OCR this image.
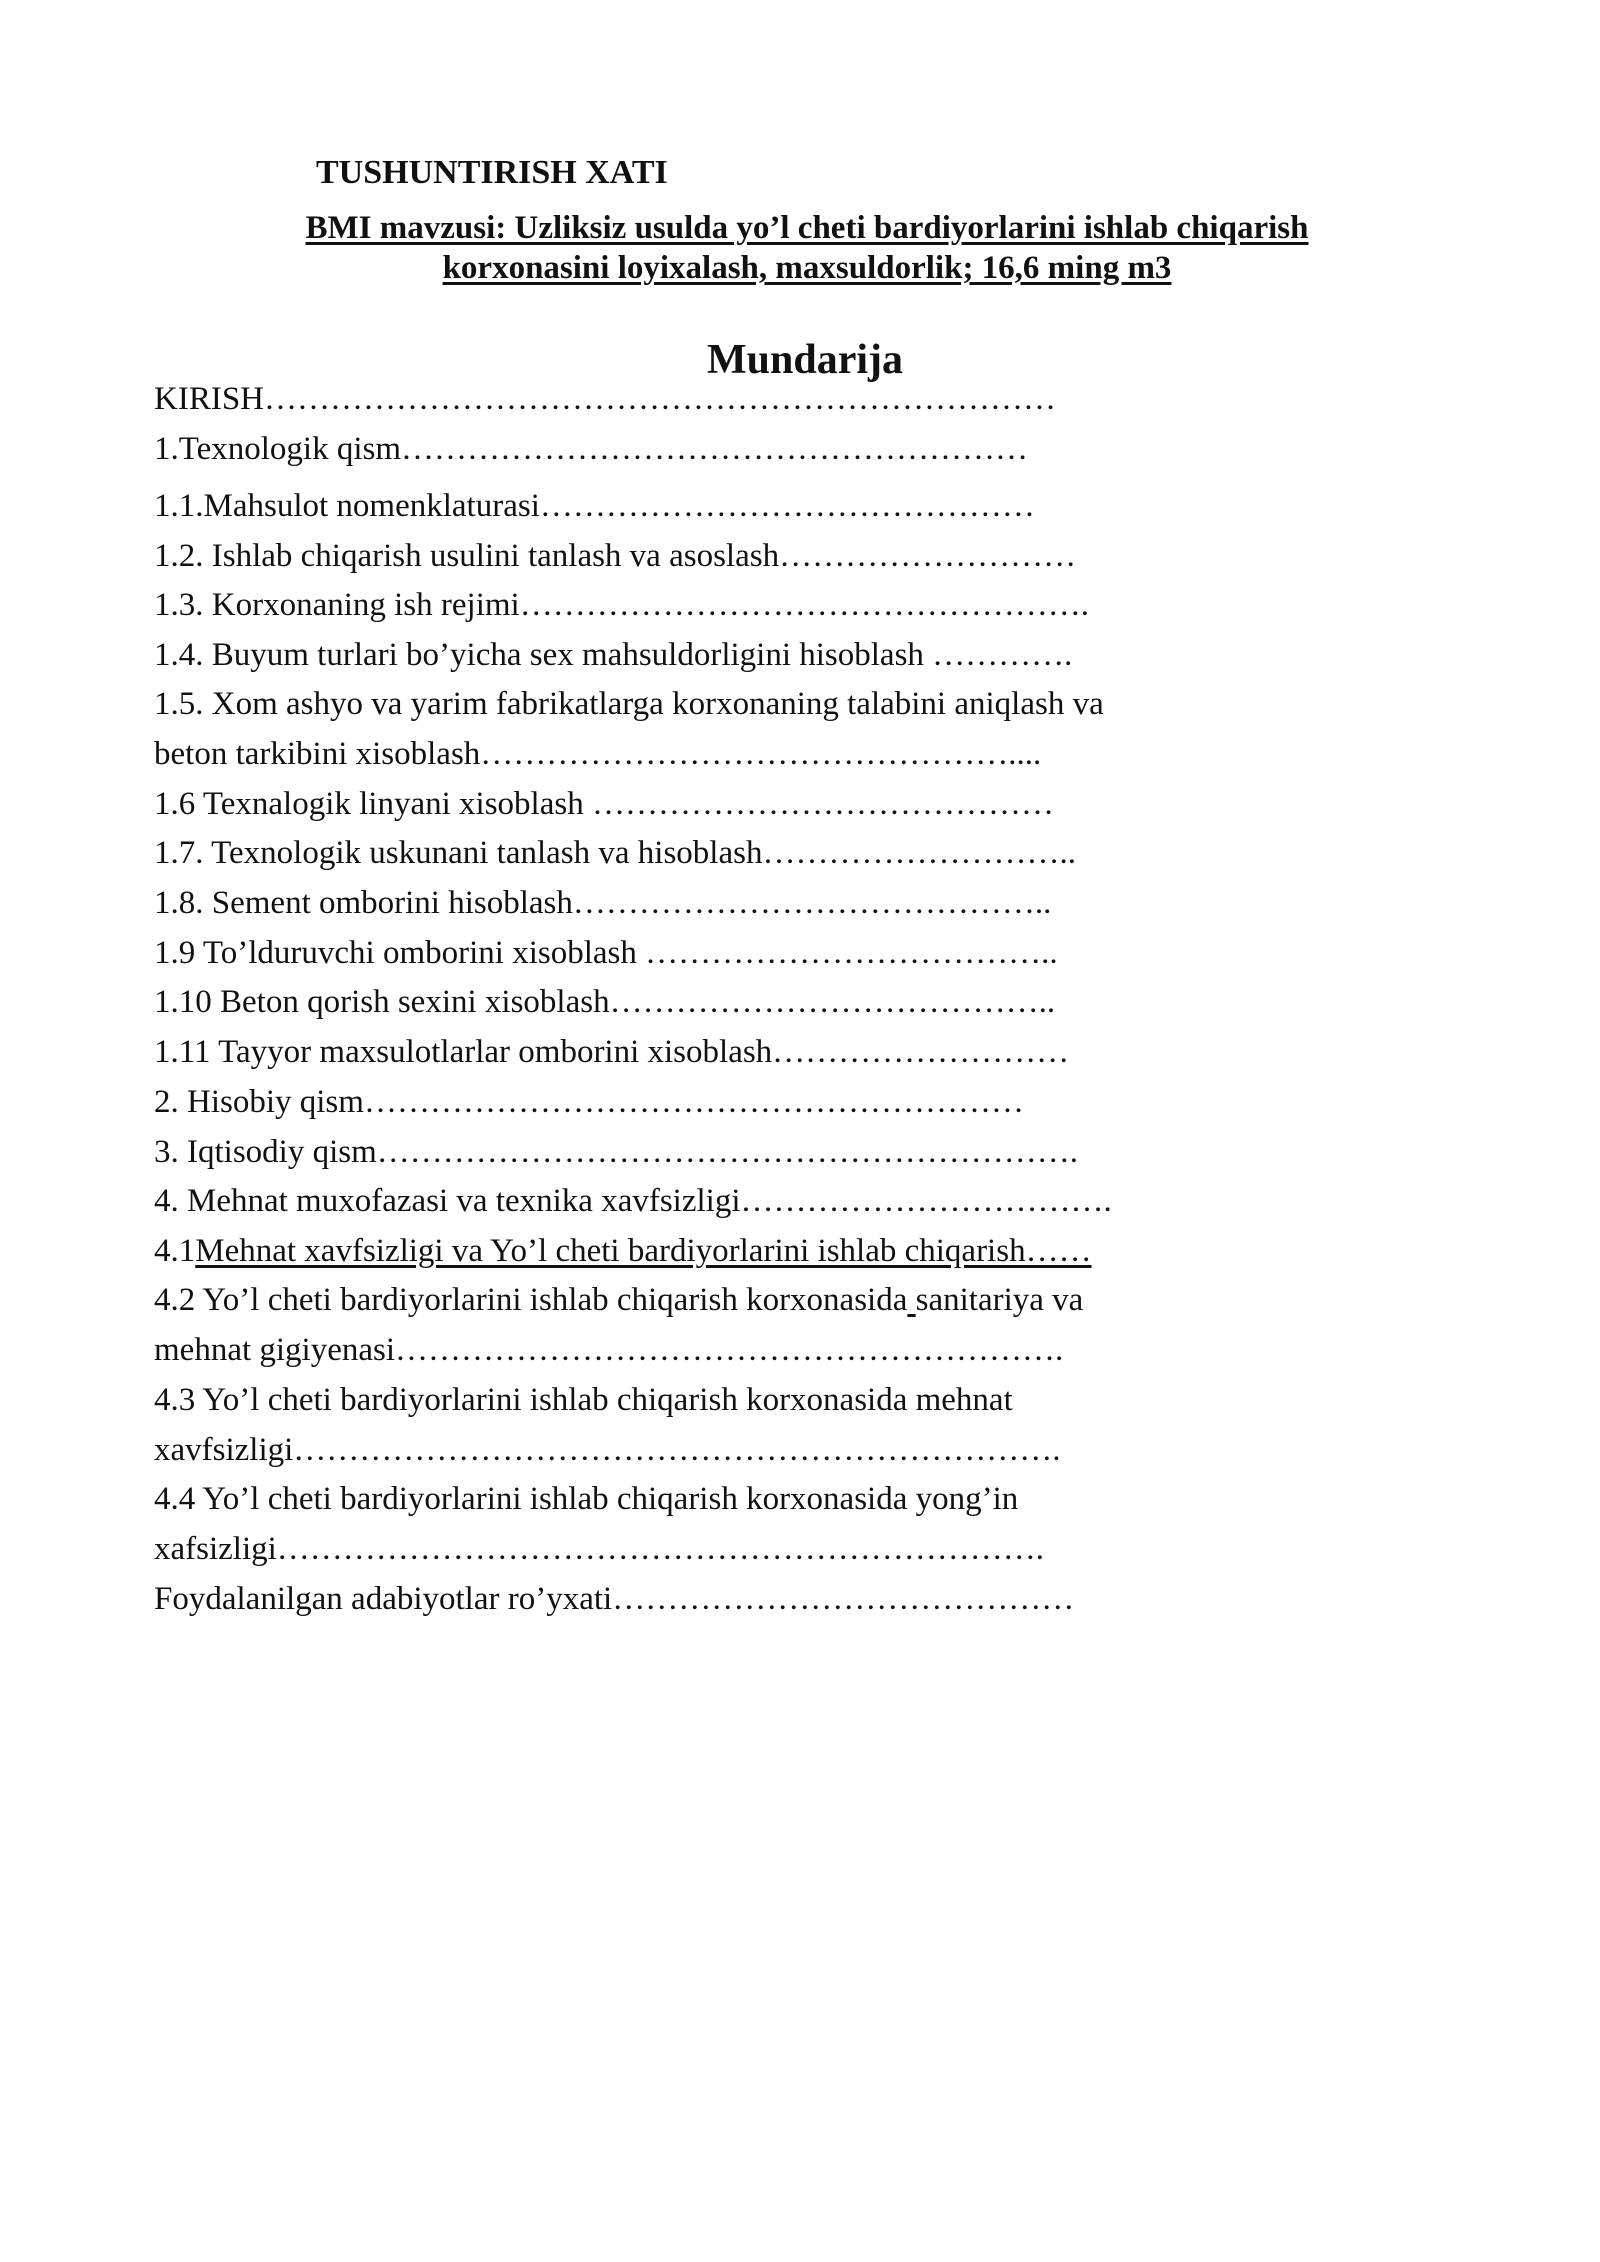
TUSHUNTIRISH XATI
BMI mavzusi: Uzliksiz usulda yo’l cheti bardiyorlarini ishlab chiqarish
korxonasini loyixalash, maxsuldorlik; 16,6 ming m3
Mundarija
KIRISH………………………………………………………………
1.Texnologik qism…………………………………………………
1.1.Mahsulot nomenklaturasi………………………………………
1.2. Ishlab chiqarish usulini tanlash va asoslash………………………
1.3. Korxonaning ish rejimi…………………………………………….
1.4. Buyum turlari bo’yicha sex mahsuldorligini hisoblash ………….
1.5. Xom ashyo va yarim fabrikatlarga korxonaning talabini aniqlash va
beton tarkibini xisoblash…………………………………………....
1.6 Texnalogik linyani xisoblash ……………………………………
1.7. Texnologik uskunani tanlash va hisoblash………………………..
1.8. Sement omborini hisoblash……………………………………..
1.9 To’lduruvchi omborini xisoblash ………………………………..
1.10 Beton qorish sexini xisoblash…………………………………..
1.11 Tayyor maxsulotlarlar omborini xisoblash………………………
2. Hisobiy qism……………………………………………………
3. Iqtisodiy qism……………………………………………………….
4. Mehnat muxofazasi va texnika xavfsizligi…………………………….
4.1Mehnat xavfsizligi va Yo’l cheti bardiyorlarini ishlab chiqarish……
4.2 Yo’l cheti bardiyorlarini ishlab chiqarish korxonasida sanitariya va
mehnat gigiyenasi…………………………………………………….
4.3 Yo’l cheti bardiyorlarini ishlab chiqarish korxonasida mehnat
xavfsizligi…………………………………………………………….
4.4 Yo’l cheti bardiyorlarini ishlab chiqarish korxonasida yong’in
xafsizligi…………………………………………………………….
Foydalanilgan adabiyotlar ro’yxati……………………………………
